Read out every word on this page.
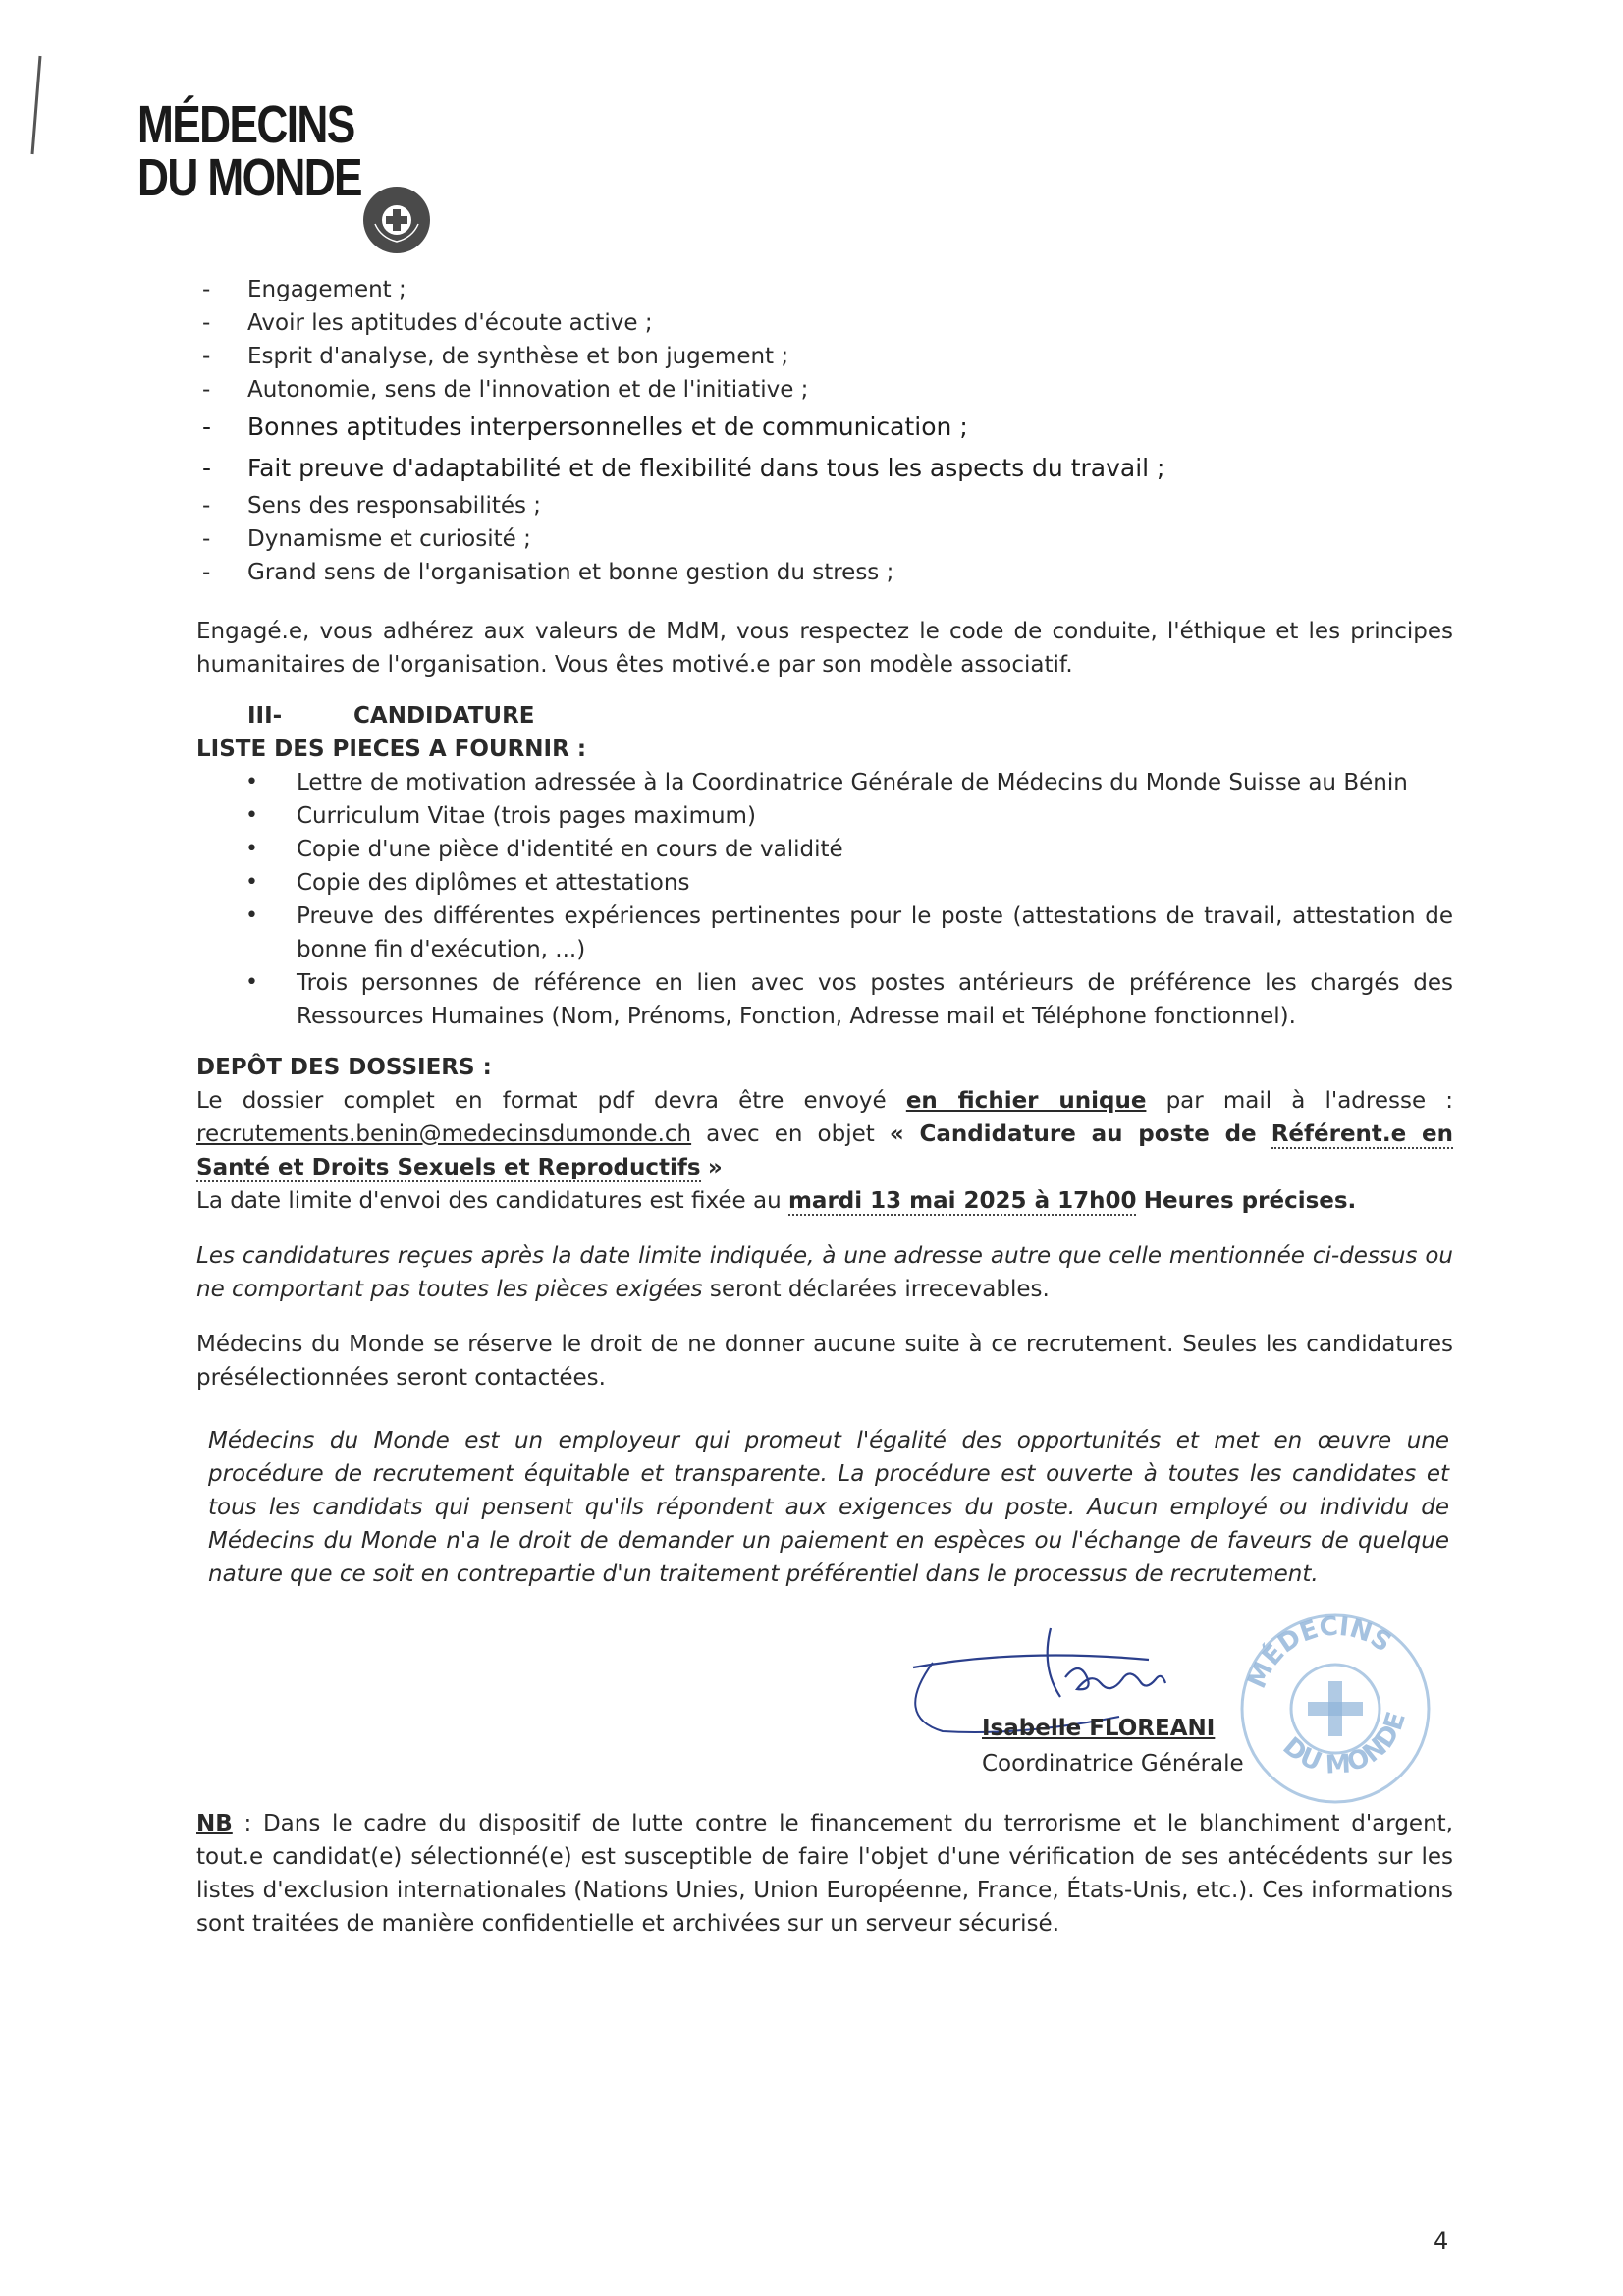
MÉDECINS
DU MONDE
- Engagement ;
- Avoir les aptitudes d'écoute active ;
- Esprit d'analyse, de synthèse et bon jugement ;
- Autonomie, sens de l'innovation et de l'initiative ;
- Bonnes aptitudes interpersonnelles et de communication ;
- Fait preuve d'adaptabilité et de flexibilité dans tous les aspects du travail ;
- Sens des responsabilités ;
- Dynamisme et curiosité ;
- Grand sens de l'organisation et bonne gestion du stress ;

Engagé.e, vous adhérez aux valeurs de MdM, vous respectez le code de conduite, l'éthique et les principes humanitaires de l'organisation. Vous êtes motivé.e par son modèle associatif.

III-	CANDIDATURE
LISTE DES PIECES A FOURNIR :
• Lettre de motivation adressée à la Coordinatrice Générale de Médecins du Monde Suisse au Bénin
• Curriculum Vitae (trois pages maximum)
• Copie d'une pièce d'identité en cours de validité
• Copie des diplômes et attestations
• Preuve des différentes expériences pertinentes pour le poste (attestations de travail, attestation de bonne fin d'exécution, ...)
• Trois personnes de référence en lien avec vos postes antérieurs de préférence les chargés des Ressources Humaines (Nom, Prénoms, Fonction, Adresse mail et Téléphone fonctionnel).
DEPÔT DES DOSSIERS :

Le dossier complet en format pdf devra être envoyé en fichier unique par mail à l'adresse : recrutements.benin@medecinsdumonde.ch avec en objet « Candidature au poste de Référent.e en Santé et Droits Sexuels et Reproductifs »

La date limite d'envoi des candidatures est fixée au mardi 13 mai 2025 à 17h00 Heures précises.

Les candidatures reçues après la date limite indiquée, à une adresse autre que celle mentionnée ci-dessus ou ne comportant pas toutes les pièces exigées seront déclarées irrecevables.

Médecins du Monde se réserve le droit de ne donner aucune suite à ce recrutement. Seules les candidatures présélectionnées seront contactées.

Médecins du Monde est un employeur qui promeut l'égalité des opportunités et met en œuvre une procédure de recrutement équitable et transparente. La procédure est ouverte à toutes les candidates et tous les candidats qui pensent qu'ils répondent aux exigences du poste. Aucun employé ou individu de Médecins du Monde n'a le droit de demander un paiement en espèces ou l'échange de faveurs de quelque nature que ce soit en contrepartie d'un traitement préférentiel dans le processus de recrutement.

MÉDECINS
DU MONDE
Isabelle FLOREANI
Coordinatrice Générale

NB : Dans le cadre du dispositif de lutte contre le financement du terrorisme et le blanchiment d'argent, tout.e candidat(e) sélectionné(e) est susceptible de faire l'objet d'une vérification de ses antécédents sur les listes d'exclusion internationales (Nations Unies, Union Européenne, France, États-Unis, etc.). Ces informations sont traitées de manière confidentielle et archivées sur un serveur sécurisé.

4
